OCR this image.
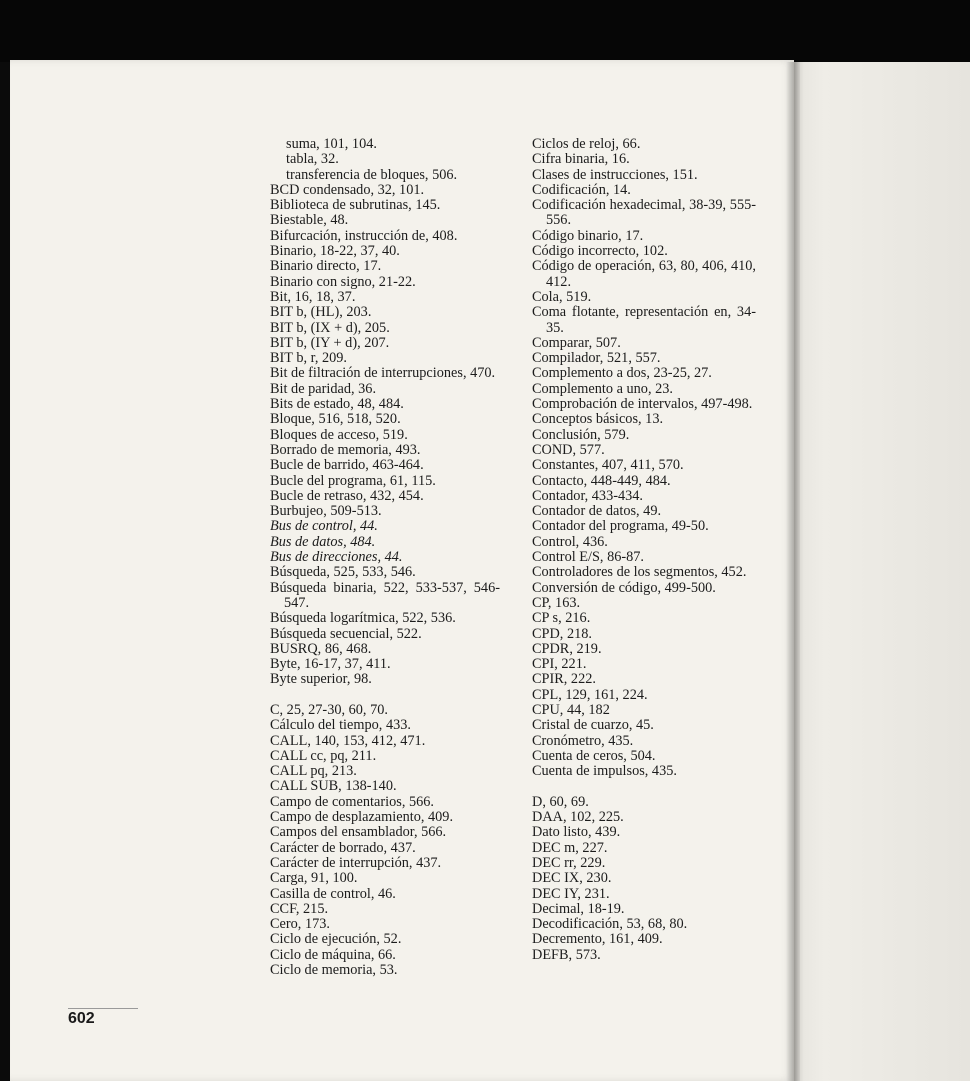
suma, 101, 104.
tabla, 32.
transferencia de bloques, 506.
BCD condensado, 32, 101.
Biblioteca de subrutinas, 145.
Biestable, 48.
Bifurcación, instrucción de, 408.
Binario, 18-22, 37, 40.
Binario directo, 17.
Binario con signo, 21-22.
Bit, 16, 18, 37.
BIT b, (HL), 203.
BIT b, (IX + d), 205.
BIT b, (IY + d), 207.
BIT b, r, 209.
Bit de filtración de interrupciones, 470.
Bit de paridad, 36.
Bits de estado, 48, 484.
Bloque, 516, 518, 520.
Bloques de acceso, 519.
Borrado de memoria, 493.
Bucle de barrido, 463-464.
Bucle del programa, 61, 115.
Bucle de retraso, 432, 454.
Burbujeo, 509-513.
Bus de control, 44.
Bus de datos, 484.
Bus de direcciones, 44.
Búsqueda, 525, 533, 546.
Búsqueda binaria, 522, 533-537, 546-547.
Búsqueda logarítmica, 522, 536.
Búsqueda secuencial, 522.
BUSRQ, 86, 468.
Byte, 16-17, 37, 411.
Byte superior, 98.
C, 25, 27-30, 60, 70.
Cálculo del tiempo, 433.
CALL, 140, 153, 412, 471.
CALL cc, pq, 211.
CALL pq, 213.
CALL SUB, 138-140.
Campo de comentarios, 566.
Campo de desplazamiento, 409.
Campos del ensamblador, 566.
Carácter de borrado, 437.
Carácter de interrupción, 437.
Carga, 91, 100.
Casilla de control, 46.
CCF, 215.
Cero, 173.
Ciclo de ejecución, 52.
Ciclo de máquina, 66.
Ciclo de memoria, 53.
Ciclos de reloj, 66.
Cifra binaria, 16.
Clases de instrucciones, 151.
Codificación, 14.
Codificación hexadecimal, 38-39, 555-556.
Código binario, 17.
Código incorrecto, 102.
Código de operación, 63, 80, 406, 410, 412.
Cola, 519.
Coma flotante, representación en, 34-35.
Comparar, 507.
Compilador, 521, 557.
Complemento a dos, 23-25, 27.
Complemento a uno, 23.
Comprobación de intervalos, 497-498.
Conceptos básicos, 13.
Conclusión, 579.
COND, 577.
Constantes, 407, 411, 570.
Contacto, 448-449, 484.
Contador, 433-434.
Contador de datos, 49.
Contador del programa, 49-50.
Control, 436.
Control E/S, 86-87.
Controladores de los segmentos, 452.
Conversión de código, 499-500.
CP, 163.
CP s, 216.
CPD, 218.
CPDR, 219.
CPI, 221.
CPIR, 222.
CPL, 129, 161, 224.
CPU, 44, 182
Cristal de cuarzo, 45.
Cronómetro, 435.
Cuenta de ceros, 504.
Cuenta de impulsos, 435.
D, 60, 69.
DAA, 102, 225.
Dato listo, 439.
DEC m, 227.
DEC rr, 229.
DEC IX, 230.
DEC IY, 231.
Decimal, 18-19.
Decodificación, 53, 68, 80.
Decremento, 161, 409.
DEFB, 573.
602
